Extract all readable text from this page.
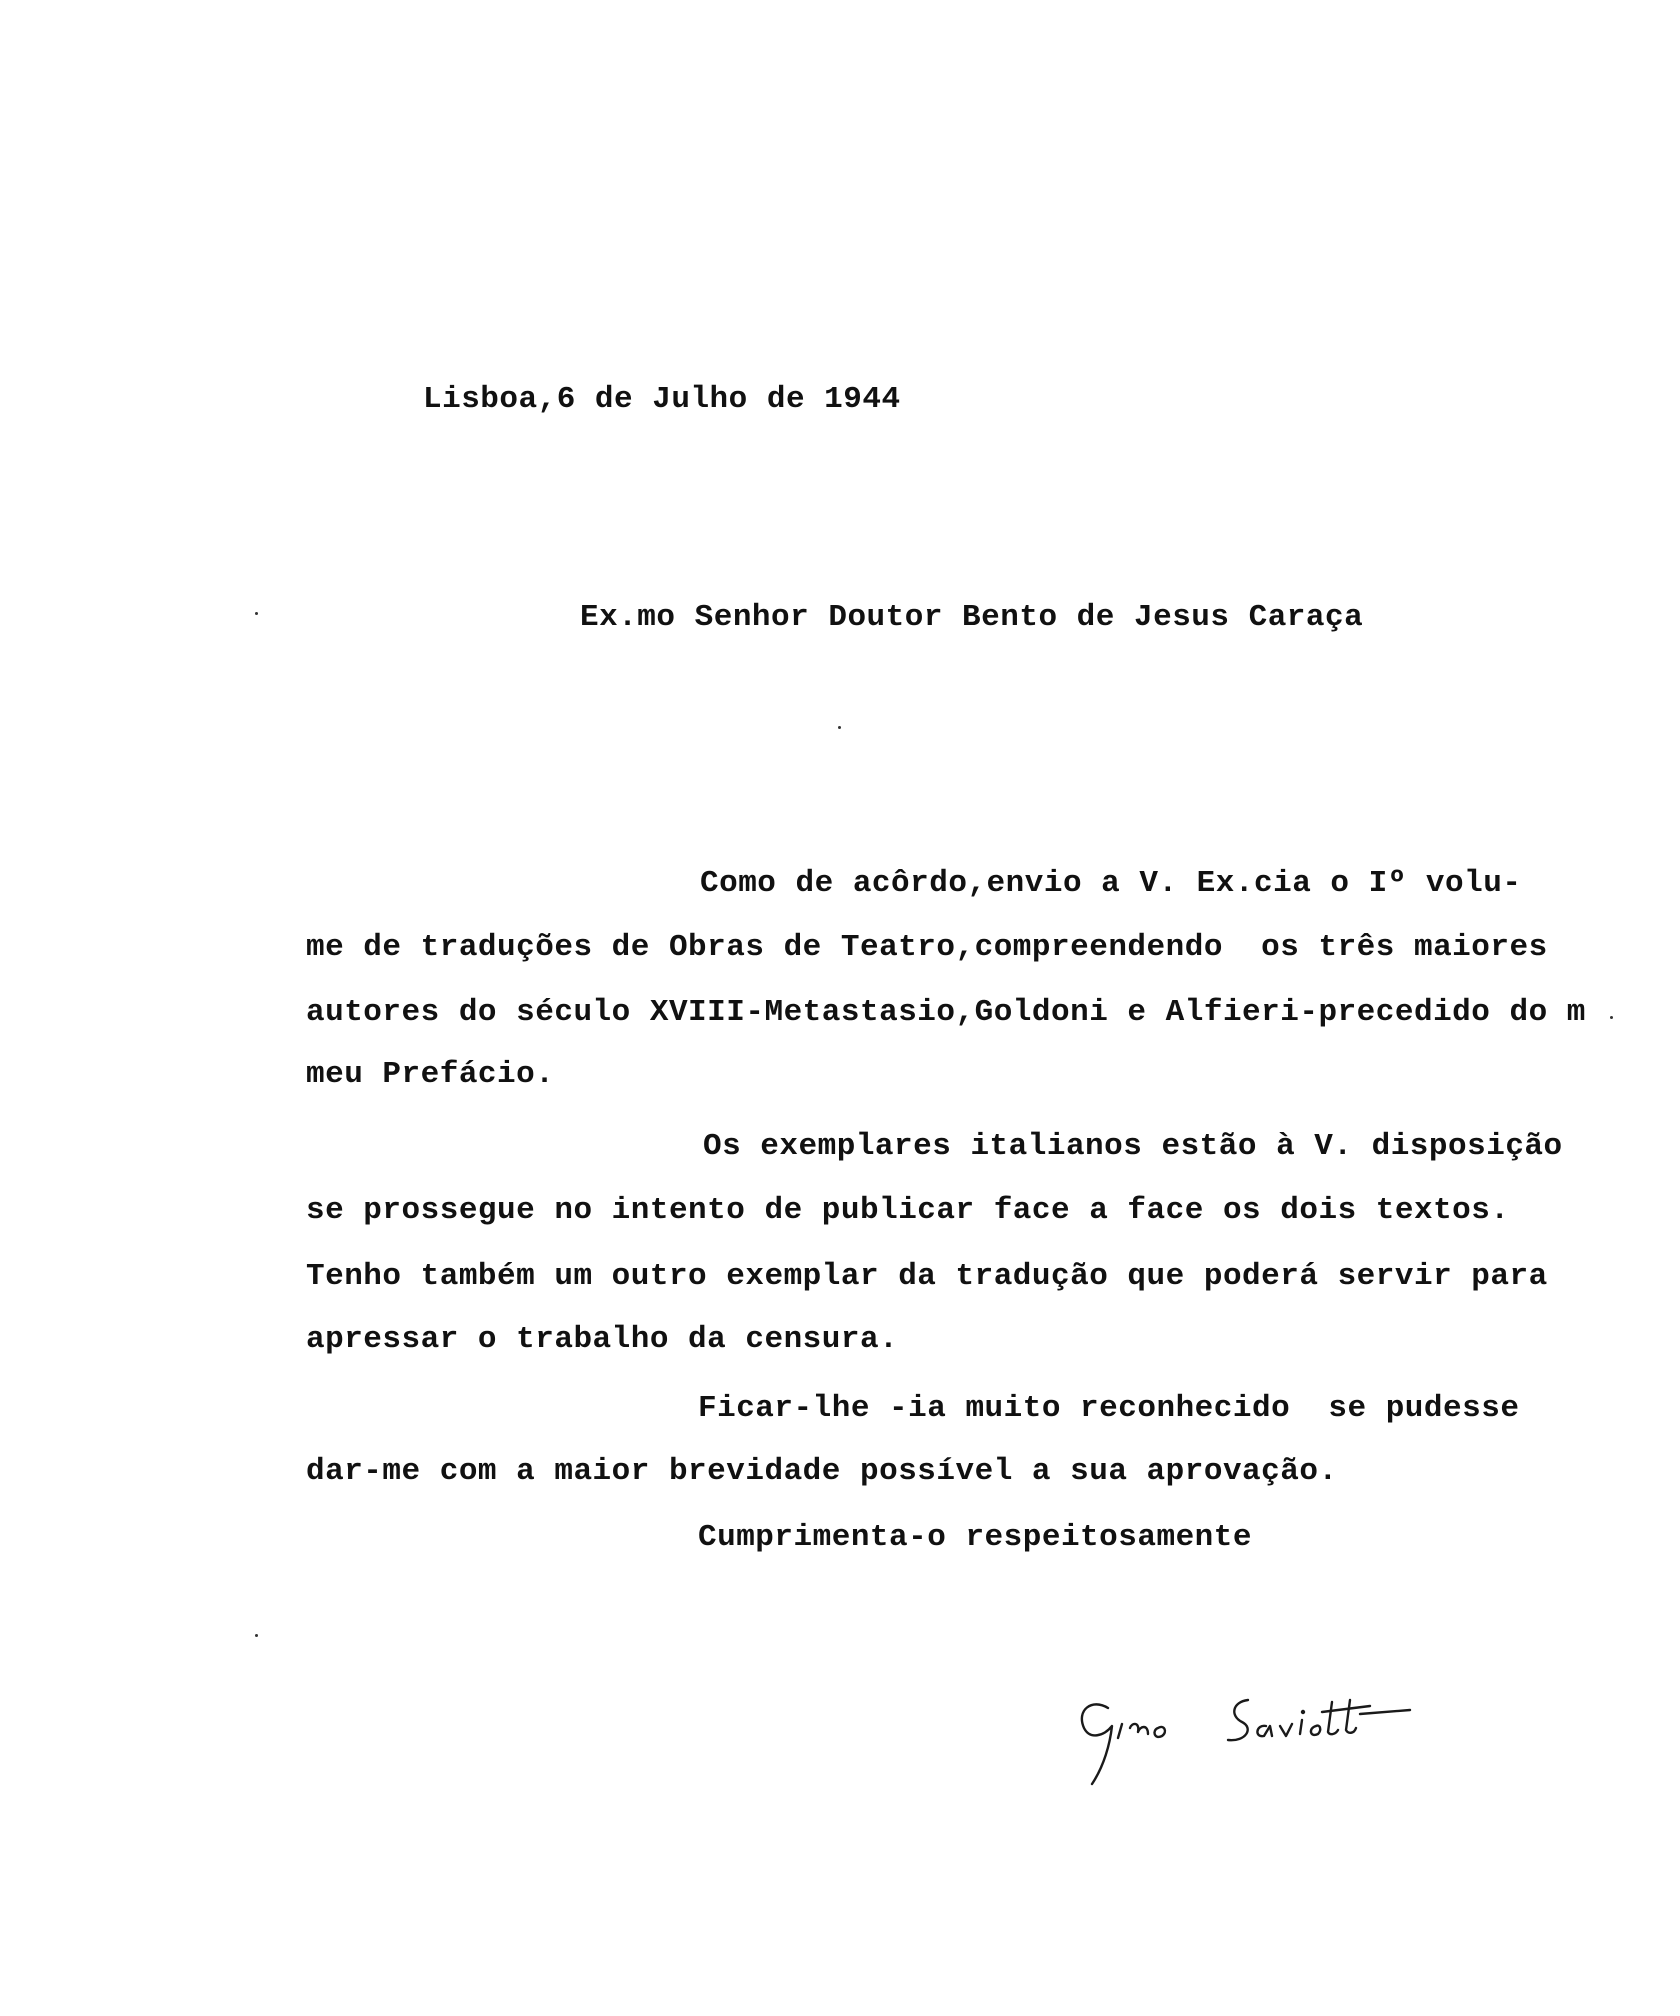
Lisboa,6 de Julho de 1944
Ex.mo Senhor Doutor Bento de Jesus Caraça
Como de acôrdo,envio a V. Ex.cia o Iº volu-
me de traduções de Obras de Teatro,compreendendo  os três maiores
autores do século XVIII-Metastasio,Goldoni e Alfieri-precedido do m
meu Prefácio.
Os exemplares italianos estão à V. disposição
se prossegue no intento de publicar face a face os dois textos.
Tenho também um outro exemplar da tradução que poderá servir para
apressar o trabalho da censura.
Ficar-lhe -ia muito reconhecido  se pudesse
dar-me com a maior brevidade possível a sua aprovação.
Cumprimenta-o respeitosamente
